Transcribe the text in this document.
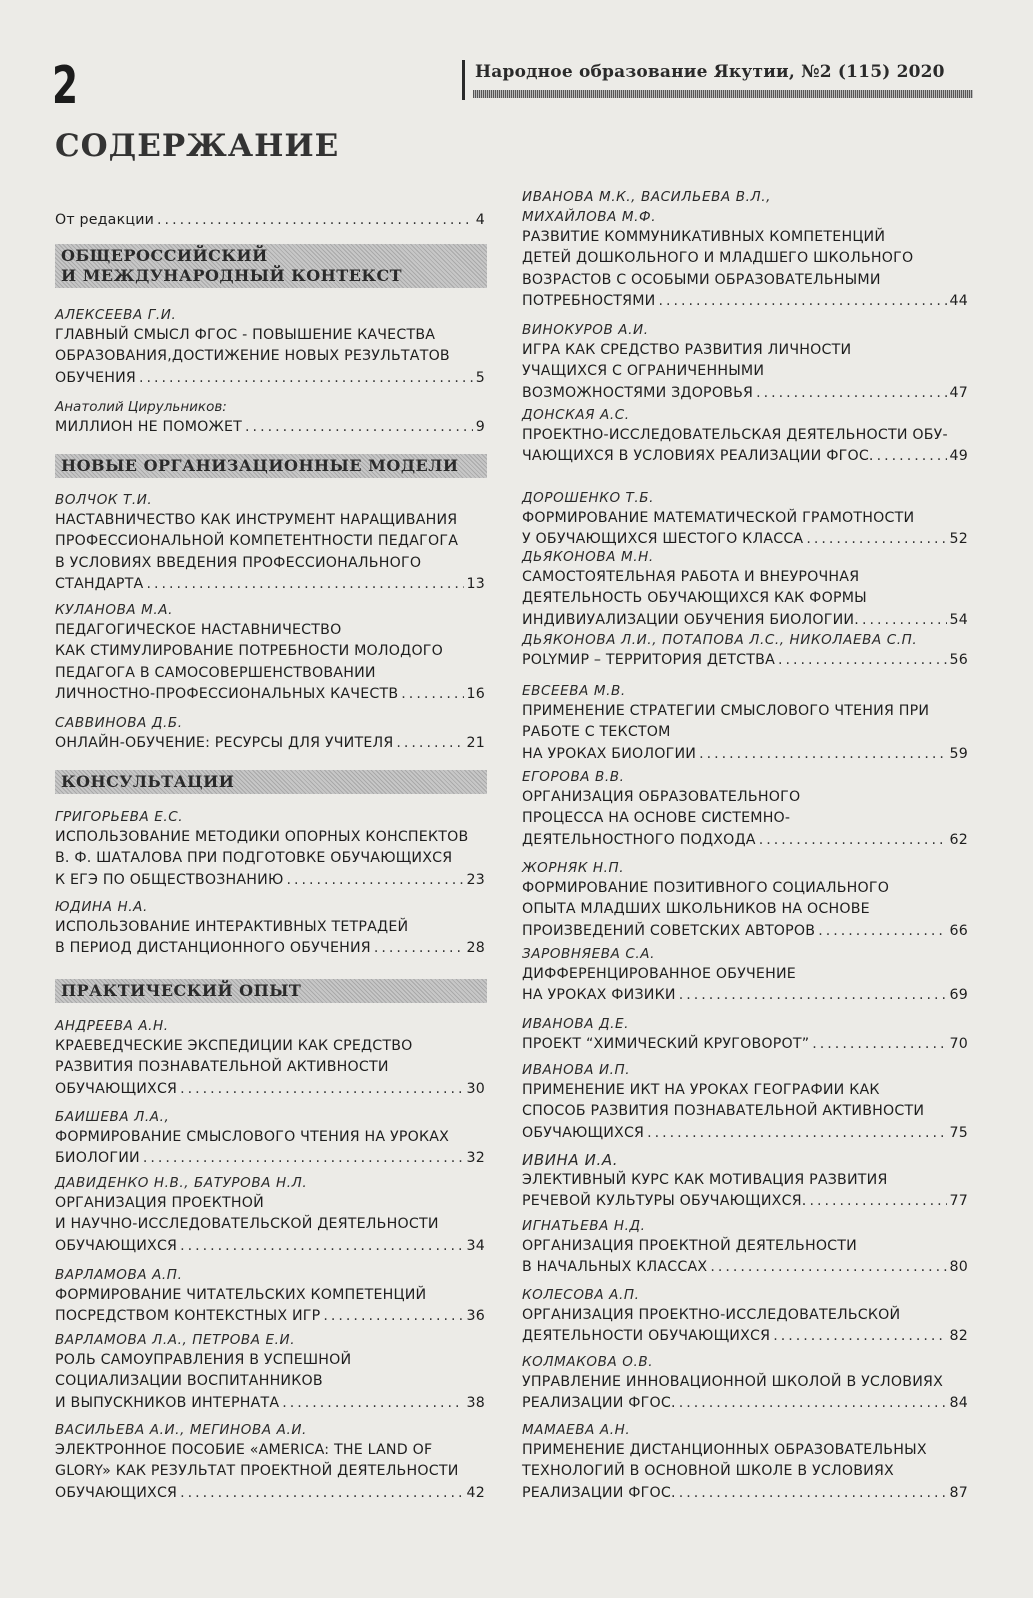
2	Народное образование Якутии, №2 (115) 2020
СОДЕРЖАНИЕ
От редакции .....	4
ОБЩЕРОССИЙСКИЙ
И МЕЖДУНАРОДНЫЙ КОНТЕКСТ
АЛЕКСЕЕВА Г.И.
ГЛАВНЫЙ СМЫСЛ ФГОС - ПОВЫШЕНИЕ КАЧЕСТВА
ОБРАЗОВАНИЯ,ДОСТИЖЕНИЕ НОВЫХ РЕЗУЛЬТАТОВ
ОБУЧЕНИЯ .....	5
Анатолий Цирульников:
МИЛЛИОН НЕ ПОМОЖЕТ .....	9
НОВЫЕ ОРГАНИЗАЦИОННЫЕ МОДЕЛИ
ВОЛЧОК Т.И.
НАСТАВНИЧЕСТВО КАК ИНСТРУМЕНТ НАРАЩИВАНИЯ
ПРОФЕССИОНАЛЬНОЙ КОМПЕТЕНТНОСТИ ПЕДАГОГА
В УСЛОВИЯХ ВВЕДЕНИЯ ПРОФЕССИОНАЛЬНОГО
СТАНДАРТА .....	13
КУЛАНОВА М.А.
ПЕДАГОГИЧЕСКОЕ НАСТАВНИЧЕСТВО
КАК СТИМУЛИРОВАНИЕ ПОТРЕБНОСТИ МОЛОДОГО
ПЕДАГОГА В САМОСОВЕРШЕНСТВОВАНИИ
ЛИЧНОСТНО-ПРОФЕССИОНАЛЬНЫХ КАЧЕСТВ .....	16
САВВИНОВА Д.Б.
ОНЛАЙН-ОБУЧЕНИЕ: РЕСУРСЫ ДЛЯ УЧИТЕЛЯ .....	21
КОНСУЛЬТАЦИИ
ГРИГОРЬЕВА Е.С.
ИСПОЛЬЗОВАНИЕ МЕТОДИКИ ОПОРНЫХ КОНСПЕКТОВ
В. Ф. ШАТАЛОВА ПРИ ПОДГОТОВКЕ ОБУЧАЮЩИХСЯ
К ЕГЭ ПО ОБЩЕСТВОЗНАНИЮ .....	23
ЮДИНА Н.А.
ИСПОЛЬЗОВАНИЕ ИНТЕРАКТИВНЫХ ТЕТРАДЕЙ
В ПЕРИОД ДИСТАНЦИОННОГО ОБУЧЕНИЯ .....	28
ПРАКТИЧЕСКИЙ ОПЫТ
АНДРЕЕВА А.Н.
КРАЕВЕДЧЕСКИЕ ЭКСПЕДИЦИИ КАК СРЕДСТВО
РАЗВИТИЯ ПОЗНАВАТЕЛЬНОЙ АКТИВНОСТИ
ОБУЧАЮЩИХСЯ .....	30
БАИШЕВА Л.А.,
ФОРМИРОВАНИЕ СМЫСЛОВОГО ЧТЕНИЯ НА УРОКАХ
БИОЛОГИИ .....	32
ДАВИДЕНКО Н.В., БАТУРОВА Н.Л.
ОРГАНИЗАЦИЯ ПРОЕКТНОЙ
И НАУЧНО-ИССЛЕДОВАТЕЛЬСКОЙ ДЕЯТЕЛЬНОСТИ
ОБУЧАЮЩИХСЯ .....	34
ВАРЛАМОВА А.П.
ФОРМИРОВАНИЕ ЧИТАТЕЛЬСКИХ КОМПЕТЕНЦИЙ
ПОСРЕДСТВОМ КОНТЕКСТНЫХ ИГР .....	36
ВАРЛАМОВА Л.А., ПЕТРОВА Е.И.
РОЛЬ САМОУПРАВЛЕНИЯ В УСПЕШНОЙ
СОЦИАЛИЗАЦИИ ВОСПИТАННИКОВ
И ВЫПУСКНИКОВ ИНТЕРНАТА .....	38
ВАСИЛЬЕВА А.И., МЕГИНОВА А.И.
ЭЛЕКТРОННОЕ ПОСОБИЕ «AMERICA: THE LAND OF
GLORY» КАК РЕЗУЛЬТАТ ПРОЕКТНОЙ ДЕЯТЕЛЬНОСТИ
ОБУЧАЮЩИХСЯ .....	42
ИВАНОВА М.К., ВАСИЛЬЕВА В.Л.,
МИХАЙЛОВА М.Ф.
РАЗВИТИЕ КОММУНИКАТИВНЫХ КОМПЕТЕНЦИЙ
ДЕТЕЙ ДОШКОЛЬНОГО И МЛАДШЕГО ШКОЛЬНОГО
ВОЗРАСТОВ С ОСОБЫМИ ОБРАЗОВАТЕЛЬНЫМИ
ПОТРЕБНОСТЯМИ .....	44
ВИНОКУРОВ А.И.
ИГРА КАК СРЕДСТВО РАЗВИТИЯ ЛИЧНОСТИ
УЧАЩИХСЯ С ОГРАНИЧЕННЫМИ
ВОЗМОЖНОСТЯМИ ЗДОРОВЬЯ .....	47
ДОНСКАЯ А.С.
ПРОЕКТНО-ИССЛЕДОВАТЕЛЬСКАЯ ДЕЯТЕЛЬНОСТИ ОБУ-
ЧАЮЩИХСЯ В УСЛОВИЯХ РЕАЛИЗАЦИИ ФГОС. .....	49
ДОРОШЕНКО Т.Б.
ФОРМИРОВАНИЕ МАТЕМАТИЧЕСКОЙ ГРАМОТНОСТИ
У ОБУЧАЮЩИХСЯ ШЕСТОГО КЛАССА .....	52
ДЬЯКОНОВА М.Н.
САМОСТОЯТЕЛЬНАЯ РАБОТА И ВНЕУРОЧНАЯ
ДЕЯТЕЛЬНОСТЬ ОБУЧАЮЩИХСЯ КАК ФОРМЫ
ИНДИВИУАЛИЗАЦИИ ОБУЧЕНИЯ БИОЛОГИИ. .....	54
ДЬЯКОНОВА Л.И., ПОТАПОВА Л.С., НИКОЛАЕВА С.П.
POLYМИР – ТЕРРИТОРИЯ ДЕТСТВА .....	56
ЕВСЕЕВА М.В.
ПРИМЕНЕНИЕ СТРАТЕГИИ СМЫСЛОВОГО ЧТЕНИЯ ПРИ
РАБОТЕ С ТЕКСТОМ
НА УРОКАХ БИОЛОГИИ .....	59
ЕГОРОВА В.В.
ОРГАНИЗАЦИЯ ОБРАЗОВАТЕЛЬНОГО
ПРОЦЕССА НА ОСНОВЕ СИСТЕМНО-
ДЕЯТЕЛЬНОСТНОГО ПОДХОДА .....	62
ЖОРНЯК Н.П.
ФОРМИРОВАНИЕ ПОЗИТИВНОГО СОЦИАЛЬНОГО
ОПЫТА МЛАДШИХ ШКОЛЬНИКОВ НА ОСНОВЕ
ПРОИЗВЕДЕНИЙ СОВЕТСКИХ АВТОРОВ .....	66
ЗАРОВНЯЕВА С.А.
ДИФФЕРЕНЦИРОВАННОЕ ОБУЧЕНИЕ
НА УРОКАХ ФИЗИКИ .....	69
ИВАНОВА Д.Е.
ПРОЕКТ “ХИМИЧЕСКИЙ КРУГОВОРОТ” .....	70
ИВАНОВА И.П.
ПРИМЕНЕНИЕ ИКТ НА УРОКАХ ГЕОГРАФИИ КАК
СПОСОБ РАЗВИТИЯ ПОЗНАВАТЕЛЬНОЙ АКТИВНОСТИ
ОБУЧАЮЩИХСЯ .....	75
ИВИНА И.А.
ЭЛЕКТИВНЫЙ КУРС КАК МОТИВАЦИЯ РАЗВИТИЯ
РЕЧЕВОЙ КУЛЬТУРЫ ОБУЧАЮЩИХСЯ. .....	77
ИГНАТЬЕВА Н.Д.
ОРГАНИЗАЦИЯ ПРОЕКТНОЙ ДЕЯТЕЛЬНОСТИ
В НАЧАЛЬНЫХ КЛАССАХ .....	80
КОЛЕСОВА А.П.
ОРГАНИЗАЦИЯ ПРОЕКТНО-ИССЛЕДОВАТЕЛЬСКОЙ
ДЕЯТЕЛЬНОСТИ ОБУЧАЮЩИХСЯ .....	82
КОЛМАКОВА О.В.
УПРАВЛЕНИЕ ИННОВАЦИОННОЙ ШКОЛОЙ В УСЛОВИЯХ
РЕАЛИЗАЦИИ ФГОС. .....	84
МАМАЕВА А.Н.
ПРИМЕНЕНИЕ ДИСТАНЦИОННЫХ ОБРАЗОВАТЕЛЬНЫХ
ТЕХНОЛОГИЙ В ОСНОВНОЙ ШКОЛЕ В УСЛОВИЯХ
РЕАЛИЗАЦИИ ФГОС. .....	87
